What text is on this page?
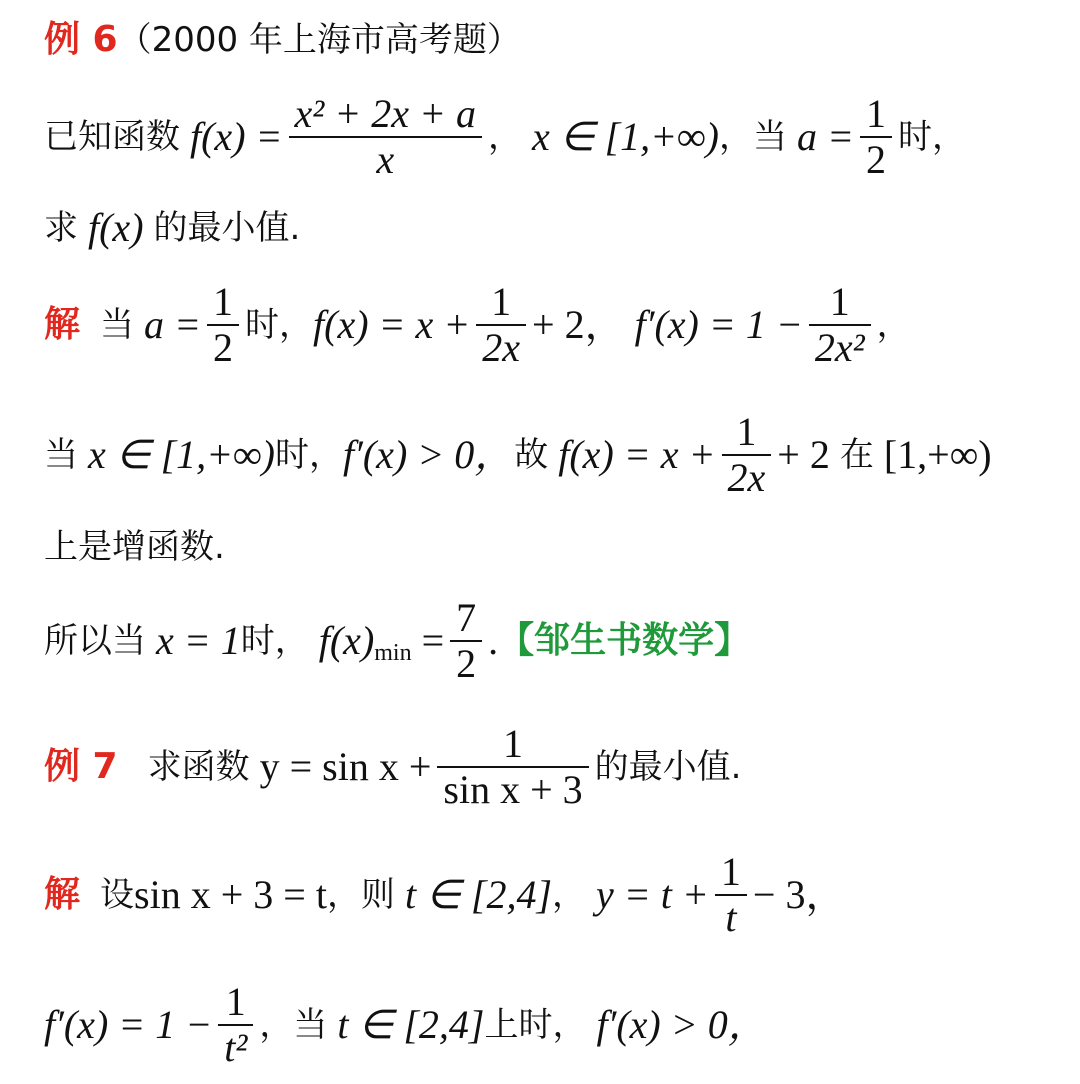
例 6 （2000 年上海市高考题）
已知函数 $f(x) = \frac{\text{x² + 2x + a}}{x}$ ， x ∈ [1,+∞) ，当 $a = \frac{1}{2}$ 时，
求 f(x) 的最小值.
解 当 $a = \frac{1}{2}$ 时， $f(x) = x + \frac{1}{2x} + 2$， $f'(x) = 1 - \frac{1}{\text{2x²}}$ ，
当 x ∈ [1,+∞) 时， f′(x) > 0， 故 $f(x) = x + \frac{1}{2x} + 2$ 在 [1,+∞)
上是增函数.
所以当 x = 1 时， $f(x)_{min} = \frac{7}{2}$ . 【邹生书数学】
例 7 求函数 $y = \sin x + \frac{1}{\text{sin x + 3}}$ 的最小值.
解 设 sin x + 3 = t ，则 t ∈ [2,4] ， $y = t + \frac{1}{t} - 3$，
$f'(x) = 1 - \frac{1}{\text{t²}}$ ，当 t ∈ [2,4] 上时， f′(x) > 0，
